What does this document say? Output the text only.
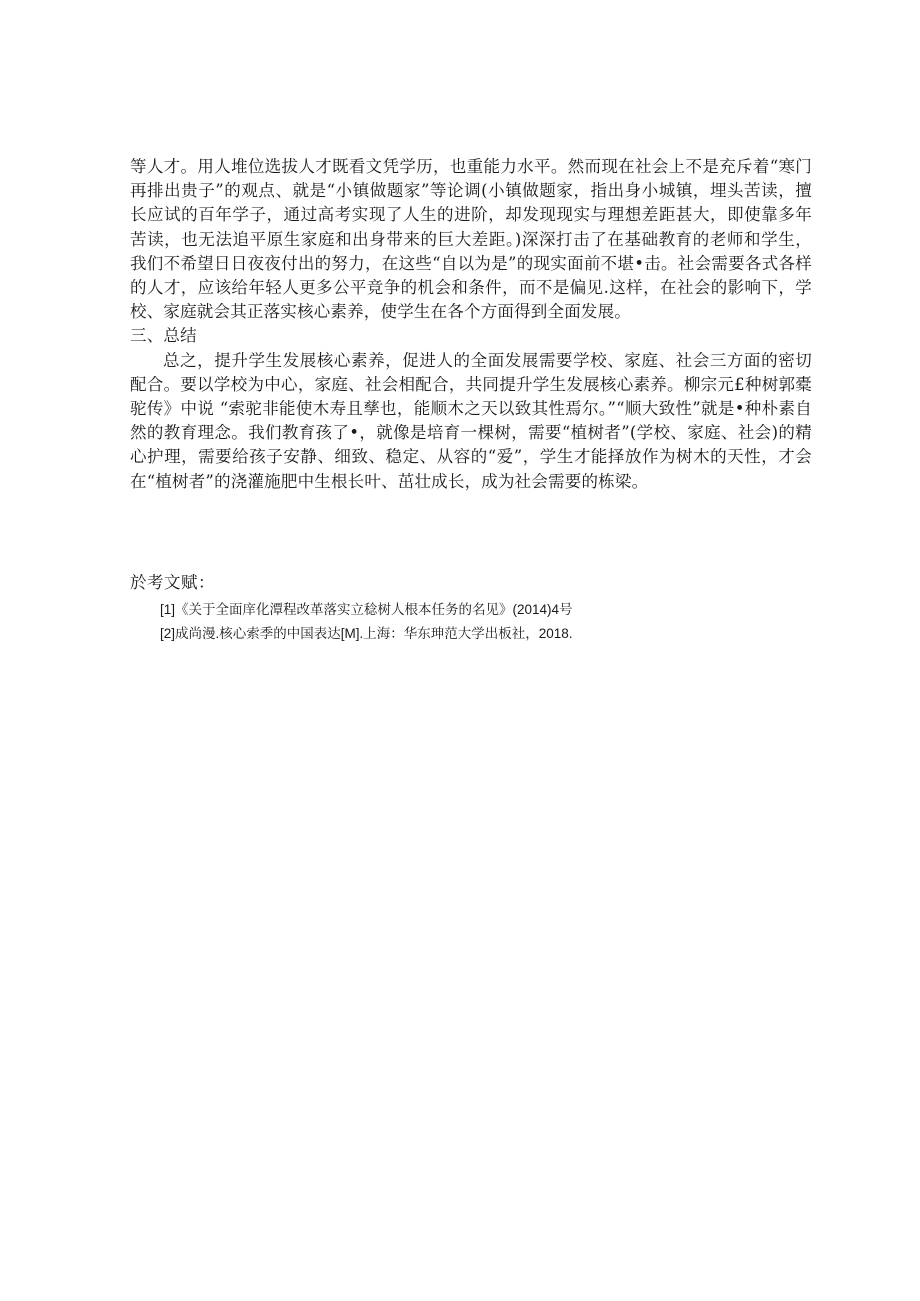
等人才。用人堆位选拔人才既看文凭学历，也重能力水平。然而现在社会上不是充斥着“寒门再排出贵子”的观点、就是“小镇做题家”等论调(小镇做题家，指出身小城镇，埋头苦读，擅长应试的百年学子，通过高考实现了人生的进阶，却发现现实与理想差距甚大，即使靠多年苦读，也无法追平原生家庭和出身带来的巨大差距。)深深打击了在基础教育的老师和学生，我们不希望日日夜夜付出的努力，在这些“自以为是”的现实面前不堪•击。社会需要各式各样的人才，应该给年轻人更多公平竞争的机会和条件，而不是偏见.这样，在社会的影响下，学校、家庭就会其正落实核心素养，使学生在各个方面得到全面发展。

三、总结

总之，提升学生发展核心素养，促进人的全面发展需要学校、家庭、社会三方面的密切配合。要以学校为中心，家庭、社会相配合，共同提升学生发展核心素养。柳宗元£种树郭橐驼传》中说 “索驼非能使木寿且孳也，能顺木之天以致其性焉尔。”“顺大致性”就是•种朴素自然的教育理念。我们教育孩了•，就像是培育一棵树，需要“植树者”(学校、家庭、社会)的精心护理，需要给孩子安静、细致、稳定、从容的“爱”，学生才能择放作为树木的天性，才会在“植树者”的浇灌施肥中生根长叶、茁壮成长，成为社会需要的栋梁。

於考文赋：

[1]《关于全面庠化潭程改革落实立稔树人根本任务的名见》(2014)4号
[2]成尚漫.核心索季的中国表达[M].上海：华东珅范大学出板社，2018.
